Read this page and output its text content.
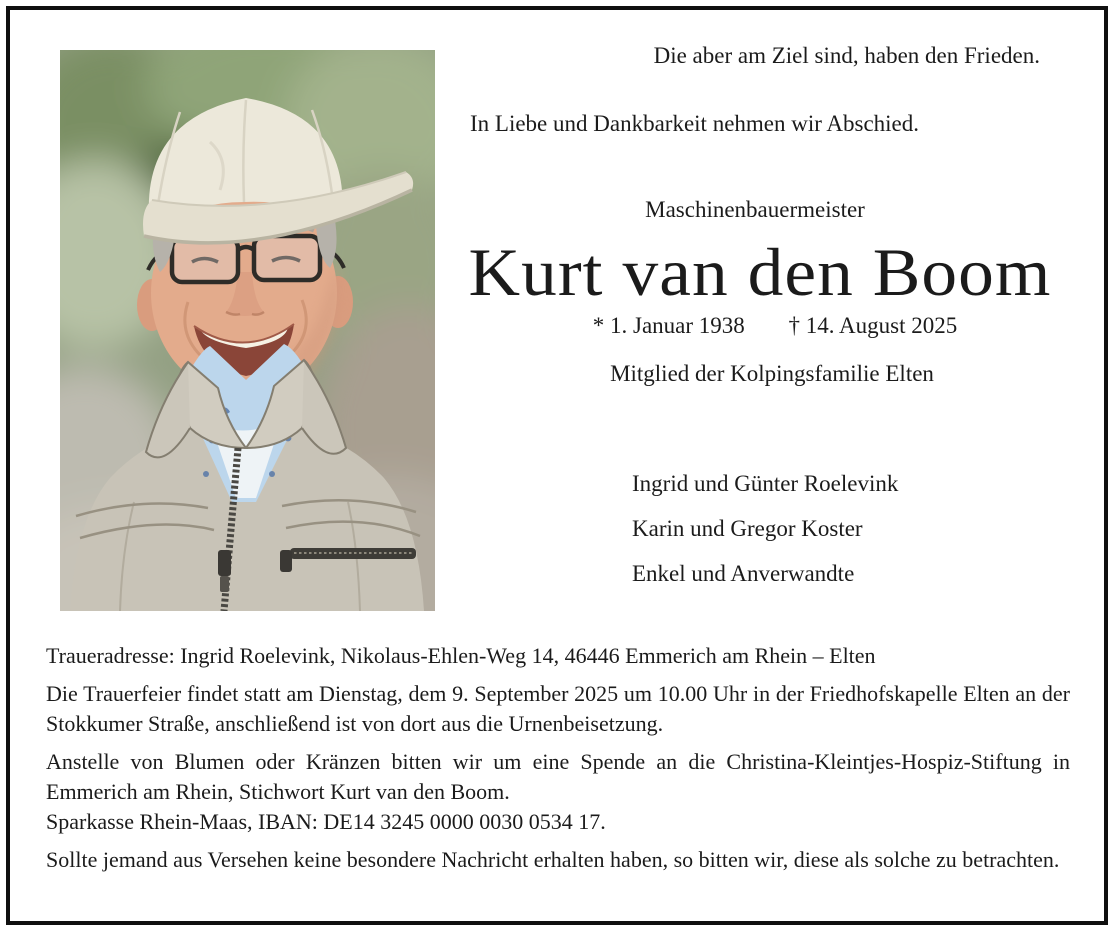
Die aber am Ziel sind, haben den Frieden.
In Liebe und Dankbarkeit nehmen wir Abschied.
Maschinenbauermeister
Kurt van den Boom
* 1. Januar 1938 † 14. August 2025
Mitglied der Kolpingsfamilie Elten
Ingrid und Günter Roelevink
Karin und Gregor Koster
Enkel und Anverwandte

Traueradresse: Ingrid Roelevink, Nikolaus-Ehlen-Weg 14, 46446 Emmerich am Rhein – Elten

Die Trauerfeier findet statt am Dienstag, dem 9. September 2025 um 10.00 Uhr in der Friedhofskapelle Elten an der Stokkumer Straße, anschließend ist von dort aus die Urnenbeisetzung.

Anstelle von Blumen oder Kränzen bitten wir um eine Spende an die Christina-Kleintjes-Hospiz-Stiftung in Emmerich am Rhein, Stichwort Kurt van den Boom.
Sparkasse Rhein-Maas, IBAN: DE14 3245 0000 0030 0534 17.

Sollte jemand aus Versehen keine besondere Nachricht erhalten haben, so bitten wir, diese als solche zu betrachten.
